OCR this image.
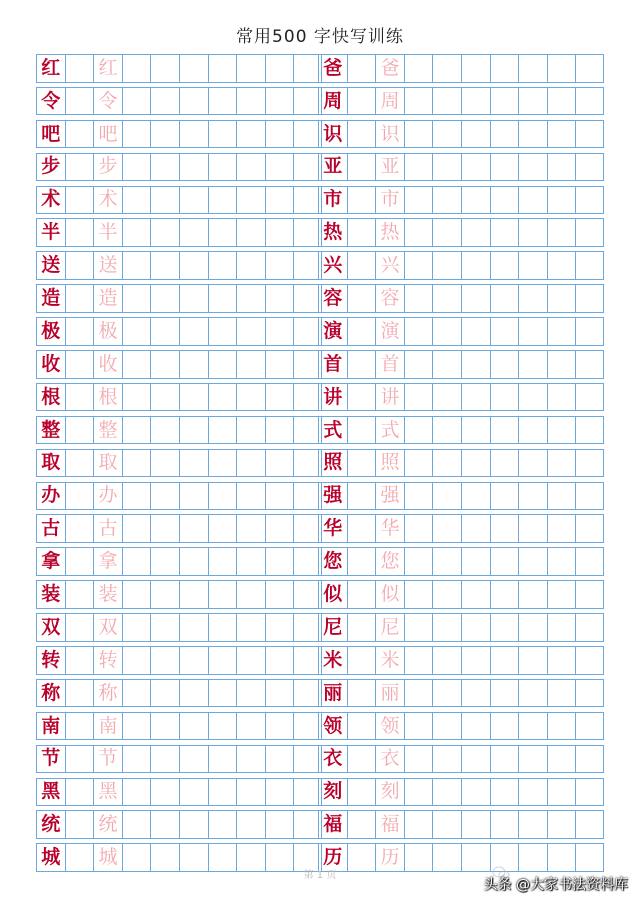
常用500 字快写训练
红 红
令 令
吧 吧
步 步
术 术
半 半
送 送
造 造
极 极
收 收
根 根
整 整
取 取
办 办
古 古
拿 拿
装 装
双 双
转 转
称 称
南 南
节 节
黑 黑
统 统
城 城
爸 爸
周 周
识 识
亚 亚
市 市
热 热
兴 兴
容 容
演 演
首 首
讲 讲
式 式
照 照
强 强
华 华
您 您
似 似
尼 尼
米 米
丽 丽
领 领
衣 衣
刻 刻
福 福
历 历
第 1 页
头条 @大家书法资料库
